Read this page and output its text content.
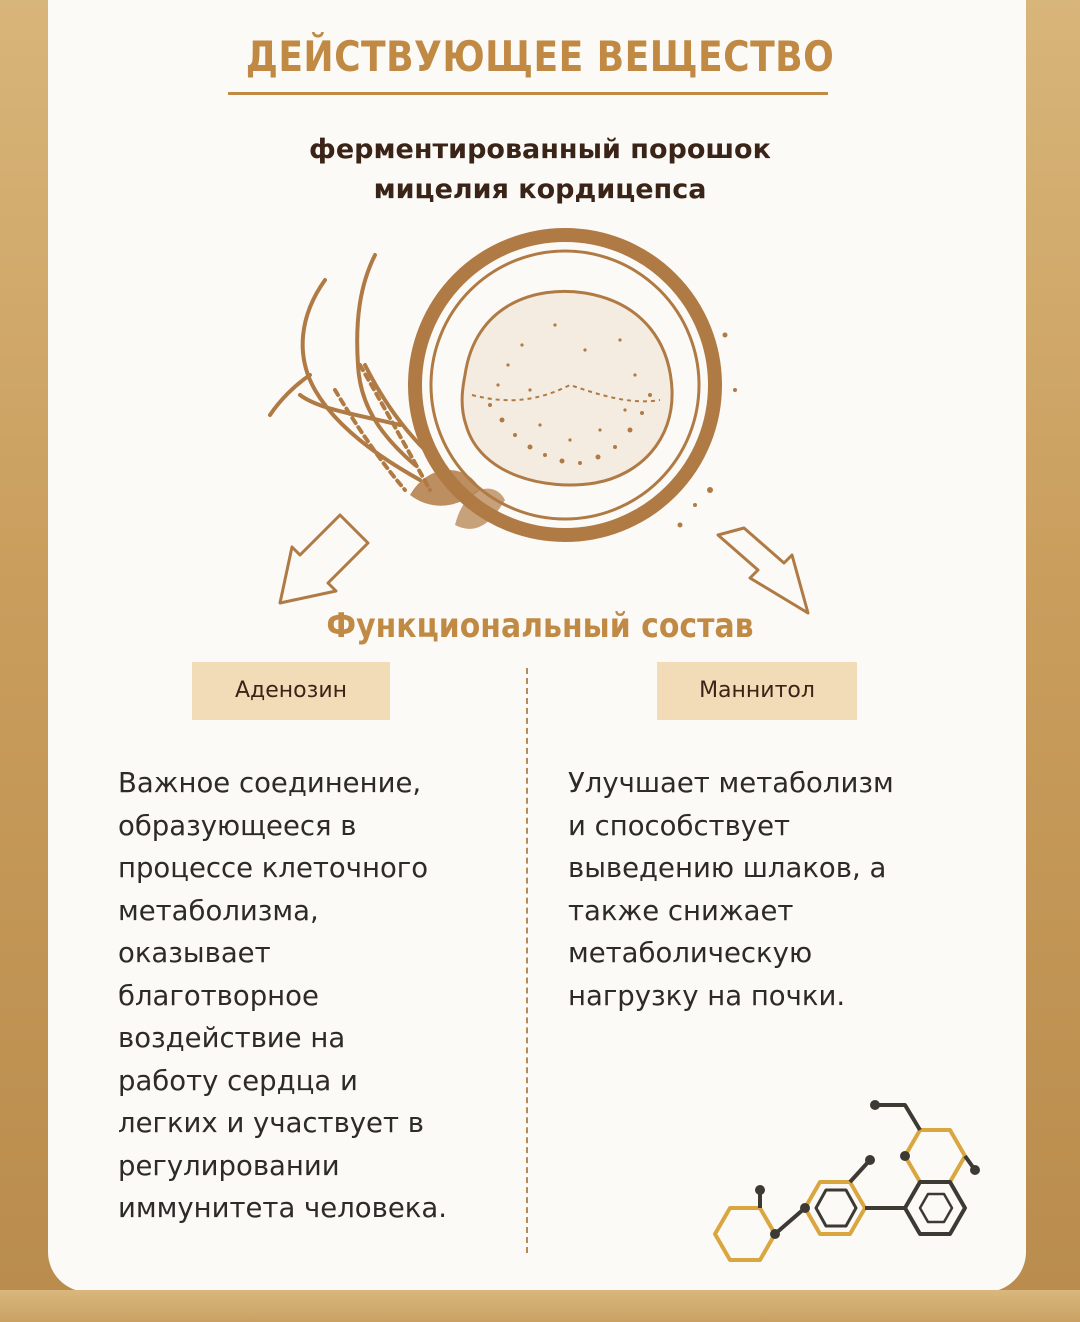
ДЕЙСТВУЮЩЕЕ ВЕЩЕСТВО
ферментированный порошок
мицелия кордицепса
Функциональный состав
Аденозин	Маннитол
Важное соединение,
образующееся в
процессе клеточного
метаболизма,
оказывает
благотворное
воздействие на
работу сердца и
легких и участвует в
регулировании
иммунитета человека.
Улучшает метаболизм
и способствует
выведению шлаков, а
также снижает
метаболическую
нагрузку на почки.
